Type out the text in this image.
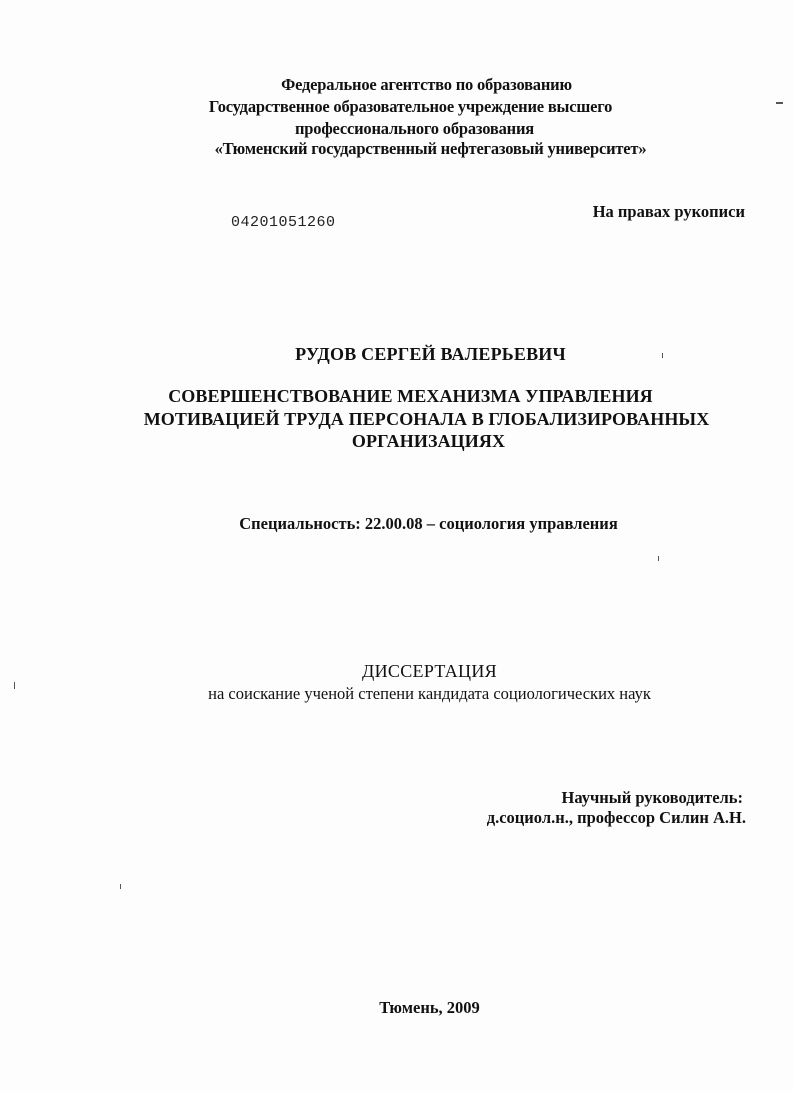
Федеральное агентство по образованию
Государственное образовательное учреждение высшего
профессионального образования
«Тюменский государственный нефтегазовый университет»
04201051260
На правах рукописи
РУДОВ СЕРГЕЙ ВАЛЕРЬЕВИЧ
СОВЕРШЕНСТВОВАНИЕ МЕХАНИЗМА УПРАВЛЕНИЯ
МОТИВАЦИЕЙ ТРУДА ПЕРСОНАЛА В ГЛОБАЛИЗИРОВАННЫХ
ОРГАНИЗАЦИЯХ
Специальность: 22.00.08 – социология управления
ДИССЕРТАЦИЯ
на соискание ученой степени кандидата социологических наук
Научный руководитель:
д.социол.н., профессор Силин А.Н.
Тюмень, 2009
